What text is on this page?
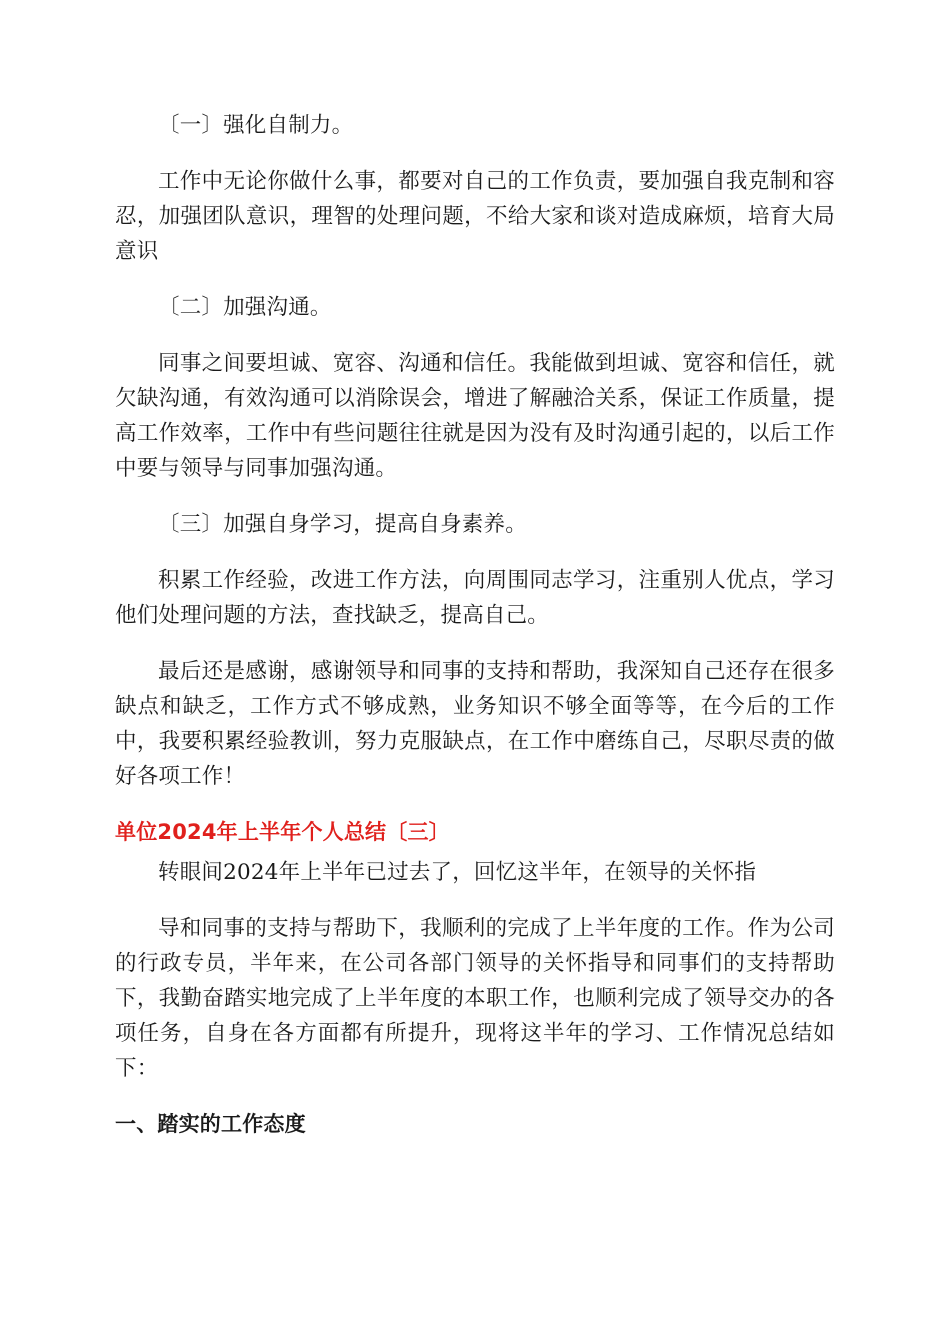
〔一〕强化自制力。

工作中无论你做什么事，都要对自己的工作负责，要加强自我克制和容忍，加强团队意识，理智的处理问题，不给大家和谈对造成麻烦，培育大局意识

〔二〕加强沟通。

同事之间要坦诚、宽容、沟通和信任。我能做到坦诚、宽容和信任，就欠缺沟通，有效沟通可以消除误会，增进了解融洽关系，保证工作质量，提高工作效率，工作中有些问题往往就是因为没有及时沟通引起的，以后工作中要与领导与同事加强沟通。

〔三〕加强自身学习，提高自身素养。

积累工作经验，改进工作方法，向周围同志学习，注重别人优点，学习他们处理问题的方法，查找缺乏，提高自己。

最后还是感谢，感谢领导和同事的支持和帮助，我深知自己还存在很多缺点和缺乏，工作方式不够成熟，业务知识不够全面等等，在今后的工作中，我要积累经验教训，努力克服缺点，在工作中磨练自己，尽职尽责的做好各项工作！

单位2024年上半年个人总结〔三〕

转眼间2024年上半年已过去了，回忆这半年，在领导的关怀指

导和同事的支持与帮助下，我顺利的完成了上半年度的工作。作为公司的行政专员，半年来，在公司各部门领导的关怀指导和同事们的支持帮助下，我勤奋踏实地完成了上半年度的本职工作，也顺利完成了领导交办的各项任务，自身在各方面都有所提升，现将这半年的学习、工作情况总结如下：

一、踏实的工作态度
